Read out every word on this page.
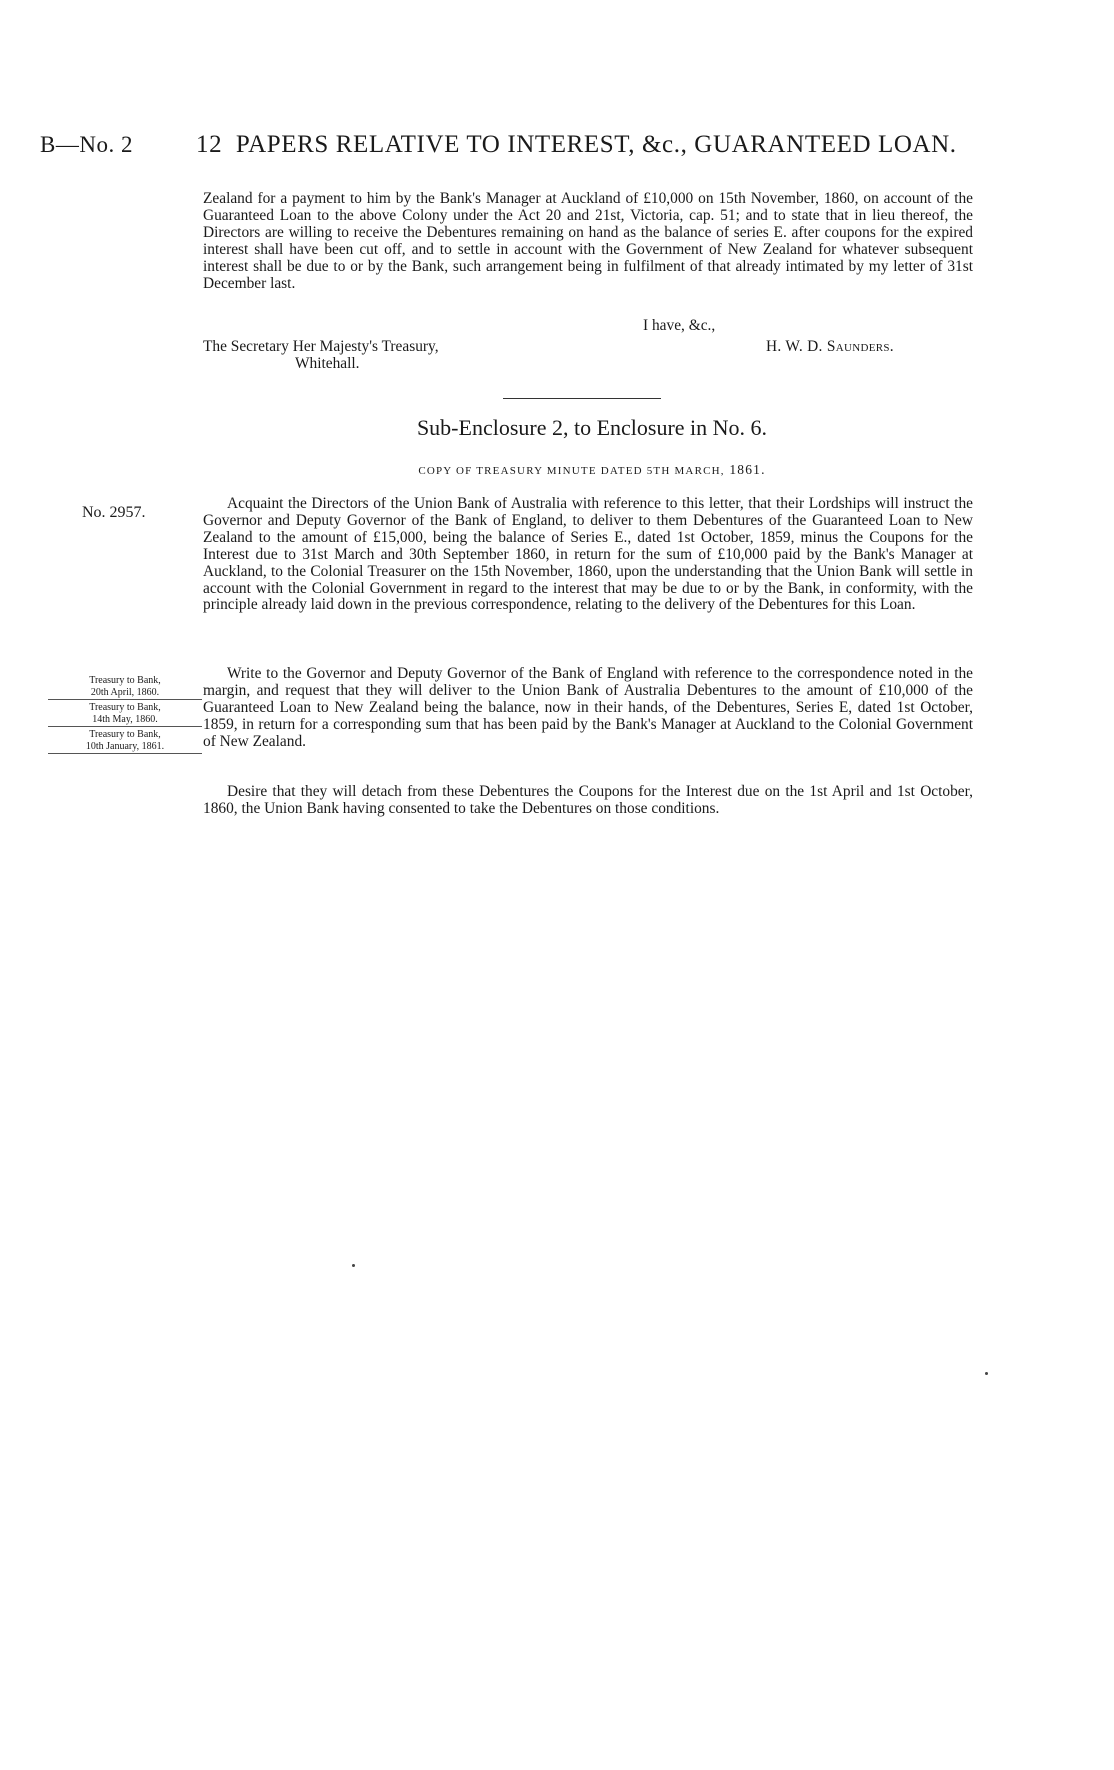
B—No. 2	12 PAPERS RELATIVE TO INTEREST, &c., GUARANTEED LOAN.
Zealand for a payment to him by the Bank's Manager at Auckland of £10,000 on 15th November, 1860, on account of the Guaranteed Loan to the above Colony under the Act 20 and 21st, Victoria, cap. 51; and to state that in lieu thereof, the Directors are willing to receive the Debentures remaining on hand as the balance of series E. after coupons for the expired interest shall have been cut off, and to settle in account with the Government of New Zealand for whatever subsequent interest shall be due to or by the Bank, such arrangement being in fulfilment of that already intimated by my letter of 31st December last.
I have, &c.,
The Secretary Her Majesty's Treasury,
Whitehall.
H. W. D. Saunders.
Sub-Enclosure 2, to Enclosure in No. 6.
COPY OF TREASURY MINUTE DATED 5TH MARCH, 1861.
No. 2957.
Acquaint the Directors of the Union Bank of Australia with reference to this letter, that their Lordships will instruct the Governor and Deputy Governor of the Bank of England, to deliver to them Debentures of the Guaranteed Loan to New Zealand to the amount of £15,000, being the balance of Series E., dated 1st October, 1859, minus the Coupons for the Interest due to 31st March and 30th September 1860, in return for the sum of £10,000 paid by the Bank's Manager at Auckland, to the Colonial Treasurer on the 15th November, 1860, upon the understanding that the Union Bank will settle in account with the Colonial Government in regard to the interest that may be due to or by the Bank, in conformity, with the principle already laid down in the previous correspondence, relating to the delivery of the Debentures for this Loan.
Write to the Governor and Deputy Governor of the Bank of England with reference to the correspondence noted in the margin, and request that they will deliver to the Union Bank of Australia Debentures to the amount of £10,000 of the Guaranteed Loan to New Zealand being the balance, now in their hands, of the Debentures, Series E, dated 1st October, 1859, in return for a corresponding sum that has been paid by the Bank's Manager at Auckland to the Colonial Government of New Zealand.
Desire that they will detach from these Debentures the Coupons for the Interest due on the 1st April and 1st October, 1860, the Union Bank having consented to take the Debentures on those conditions.
Treasury to Bank,
20th April, 1860.
Treasury to Bank,
14th May, 1860.
Treasury to Bank,
10th January, 1861.
